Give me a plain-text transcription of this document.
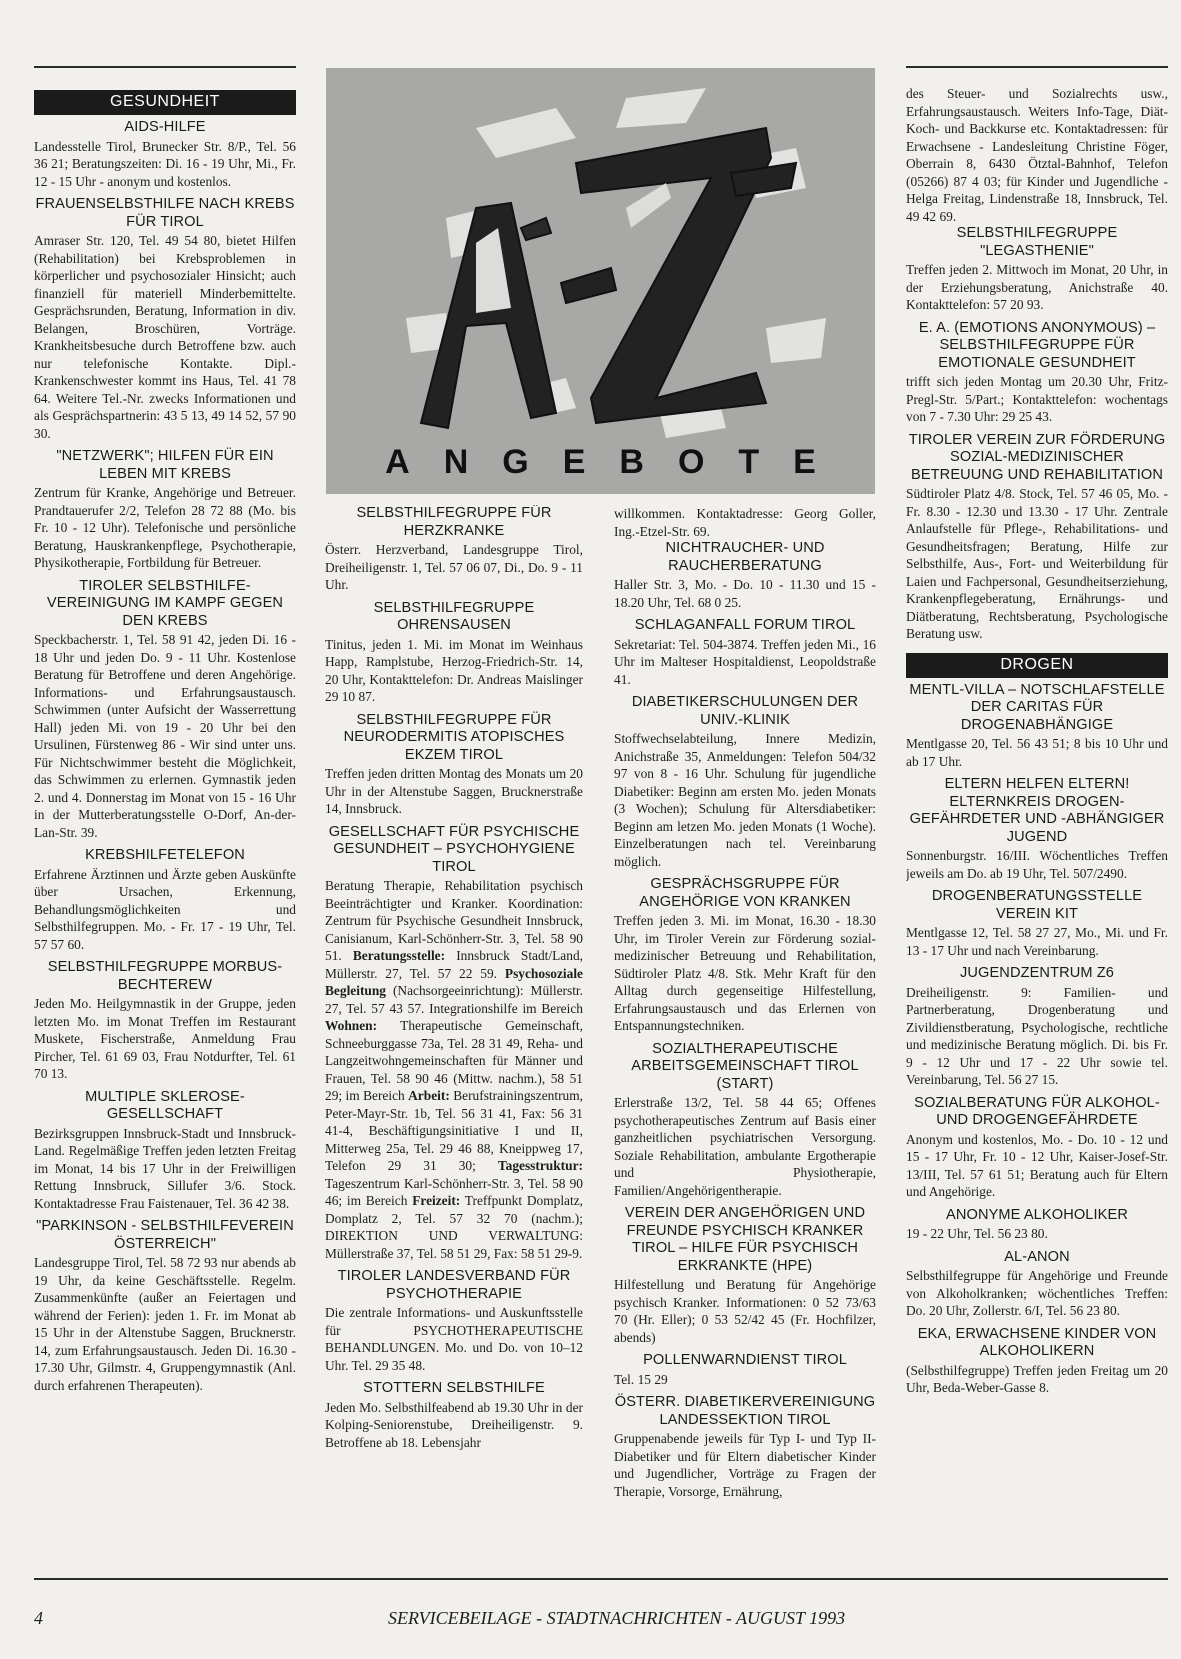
ANGEBOTE
GESUNDHEIT
AIDS-HILFE

Landesstelle Tirol, Brunecker Str. 8/P., Tel. 56 36 21; Beratungszeiten: Di. 16 - 19 Uhr, Mi., Fr. 12 - 15 Uhr - anonym und kostenlos.

FRAUENSELBSTHILFE NACH KREBS FÜR TIROL

Amraser Str. 120, Tel. 49 54 80, bietet Hilfen (Rehabilitation) bei Krebsproblemen in körperlicher und psychosozialer Hinsicht; auch finanziell für materiell Minderbemittelte. Gesprächsrunden, Beratung, Information in div. Belangen, Broschüren, Vorträge. Krankheitsbesuche durch Betroffene bzw. auch nur telefonische Kontakte. Dipl.-Krankenschwester kommt ins Haus, Tel. 41 78 64. Weitere Tel.-Nr. zwecks Informationen und als Gesprächspartnerin: 43 5 13, 49 14 52, 57 90 30.

"NETZWERK"; HILFEN FÜR EIN LEBEN MIT KREBS

Zentrum für Kranke, Angehörige und Betreuer. Prandtauerufer 2/2, Telefon 28 72 88 (Mo. bis Fr. 10 - 12 Uhr). Telefonische und persönliche Beratung, Hauskrankenpflege, Psychotherapie, Physikotherapie, Fortbildung für Betreuer.

TIROLER SELBSTHILFE-VEREINIGUNG IM KAMPF GEGEN DEN KREBS

Speckbacherstr. 1, Tel. 58 91 42, jeden Di. 16 - 18 Uhr und jeden Do. 9 - 11 Uhr. Kostenlose Beratung für Betroffene und deren Angehörige. Informations- und Erfahrungsaustausch. Schwimmen (unter Aufsicht der Wasserrettung Hall) jeden Mi. von 19 - 20 Uhr bei den Ursulinen, Fürstenweg 86 - Wir sind unter uns. Für Nichtschwimmer besteht die Möglichkeit, das Schwimmen zu erlernen. Gymnastik jeden 2. und 4. Donnerstag im Monat von 15 - 16 Uhr in der Mutterberatungsstelle O-Dorf, An-der-Lan-Str. 39.

KREBSHILFETELEFON

Erfahrene Ärztinnen und Ärzte geben Auskünfte über Ursachen, Erkennung, Behandlungsmöglichkeiten und Selbsthilfegruppen. Mo. - Fr. 17 - 19 Uhr, Tel. 57 57 60.

SELBSTHILFEGRUPPE MORBUS-BECHTEREW

Jeden Mo. Heilgymnastik in der Gruppe, jeden letzten Mo. im Monat Treffen im Restaurant Muskete, Fischerstraße, Anmeldung Frau Pircher, Tel. 61 69 03, Frau Notdurfter, Tel. 61 70 13.

MULTIPLE SKLEROSE-GESELLSCHAFT

Bezirksgruppen Innsbruck-Stadt und Innsbruck-Land. Regelmäßige Treffen jeden letzten Freitag im Monat, 14 bis 17 Uhr in der Freiwilligen Rettung Innsbruck, Sillufer 3/6. Stock. Kontaktadresse Frau Faistenauer, Tel. 36 42 38.

"PARKINSON - SELBSTHILFEVEREIN ÖSTERREICH"

Landesgruppe Tirol, Tel. 58 72 93 nur abends ab 19 Uhr, da keine Geschäftsstelle. Regelm. Zusammenkünfte (außer an Feiertagen und während der Ferien): jeden 1. Fr. im Monat ab 15 Uhr in der Altenstube Saggen, Brucknerstr. 14, zum Erfahrungsaustausch. Jeden Di. 16.30 - 17.30 Uhr, Gilmstr. 4, Gruppengymnastik (Anl. durch erfahrenen Therapeuten).

SELBSTHILFEGRUPPE FÜR HERZKRANKE

Österr. Herzverband, Landesgruppe Tirol, Dreiheiligenstr. 1, Tel. 57 06 07, Di., Do. 9 - 11 Uhr.

SELBSTHILFEGRUPPE OHRENSAUSEN

Tinitus, jeden 1. Mi. im Monat im Weinhaus Happ, Ramplstube, Herzog-Friedrich-Str. 14, 20 Uhr, Kontakttelefon: Dr. Andreas Maislinger 29 10 87.

SELBSTHILFEGRUPPE FÜR NEURODERMITIS ATOPISCHES EKZEM TIROL

Treffen jeden dritten Montag des Monats um 20 Uhr in der Altenstube Saggen, Brucknerstraße 14, Innsbruck.

GESELLSCHAFT FÜR PSYCHISCHE GESUNDHEIT – PSYCHOHYGIENE TIROL

Beratung Therapie, Rehabilitation psychisch Beeinträchtigter und Kranker. Koordination: Zentrum für Psychische Gesundheit Innsbruck, Canisianum, Karl-Schönherr-Str. 3, Tel. 58 90 51. Beratungsstelle: Innsbruck Stadt/Land, Müllerstr. 27, Tel. 57 22 59. Psychosoziale Begleitung (Nachsorgeeinrichtung): Müllerstr. 27, Tel. 57 43 57. Integrationshilfe im Bereich Wohnen: Therapeutische Gemeinschaft, Schneeburggasse 73a, Tel. 28 31 49, Reha- und Langzeitwohngemeinschaften für Männer und Frauen, Tel. 58 90 46 (Mittw. nachm.), 58 51 29; im Bereich Arbeit: Berufstrainingszentrum, Peter-Mayr-Str. 1b, Tel. 56 31 41, Fax: 56 31 41-4, Beschäftigungsinitiative I und II, Mitterweg 25a, Tel. 29 46 88, Kneippweg 17, Telefon 29 31 30; Tagesstruktur: Tageszentrum Karl-Schönherr-Str. 3, Tel. 58 90 46; im Bereich Freizeit: Treffpunkt Domplatz, Domplatz 2, Tel. 57 32 70 (nachm.); DIREKTION UND VERWALTUNG: Müllerstraße 37, Tel. 58 51 29, Fax: 58 51 29-9.

TIROLER LANDESVERBAND FÜR PSYCHOTHERAPIE

Die zentrale Informations- und Auskunftsstelle für PSYCHOTHERAPEUTISCHE BEHANDLUNGEN. Mo. und Do. von 10–12 Uhr. Tel. 29 35 48.

STOTTERN SELBSTHILFE

Jeden Mo. Selbsthilfeabend ab 19.30 Uhr in der Kolping-Seniorenstube, Dreiheiligenstr. 9. Betroffene ab 18. Lebensjahr

willkommen. Kontaktadresse: Georg Goller, Ing.-Etzel-Str. 69.

NICHTRAUCHER- UND RAUCHERBERATUNG

Haller Str. 3, Mo. - Do. 10 - 11.30 und 15 - 18.20 Uhr, Tel. 68 0 25.

SCHLAGANFALL FORUM TIROL

Sekretariat: Tel. 504-3874. Treffen jeden Mi., 16 Uhr im Malteser Hospitaldienst, Leopoldstraße 41.

DIABETIKERSCHULUNGEN DER UNIV.-KLINIK

Stoffwechselabteilung, Innere Medizin, Anichstraße 35, Anmeldungen: Telefon 504/32 97 von 8 - 16 Uhr. Schulung für jugendliche Diabetiker: Beginn am ersten Mo. jeden Monats (3 Wochen); Schulung für Altersdiabetiker: Beginn am letzen Mo. jeden Monats (1 Woche). Einzelberatungen nach tel. Vereinbarung möglich.

GESPRÄCHSGRUPPE FÜR ANGEHÖRIGE VON KRANKEN

Treffen jeden 3. Mi. im Monat, 16.30 - 18.30 Uhr, im Tiroler Verein zur Förderung sozial-medizinischer Betreuung und Rehabilitation, Südtiroler Platz 4/8. Stk. Mehr Kraft für den Alltag durch gegenseitige Hilfestellung, Erfahrungsaustausch und das Erlernen von Entspannungstechniken.

SOZIALTHERAPEUTISCHE ARBEITSGEMEINSCHAFT TIROL (START)

Erlerstraße 13/2, Tel. 58 44 65; Offenes psychotherapeutisches Zentrum auf Basis einer ganzheitlichen psychiatrischen Versorgung. Soziale Rehabilitation, ambulante Ergotherapie und Physiotherapie, Familien/Angehörigentherapie.

VEREIN DER ANGEHÖRIGEN UND FREUNDE PSYCHISCH KRANKER TIROL – HILFE FÜR PSYCHISCH ERKRANKTE (HPE)

Hilfestellung und Beratung für Angehörige psychisch Kranker. Informationen: 0 52 73/63 70 (Hr. Eller); 0 53 52/42 45 (Fr. Hochfilzer, abends)

POLLENWARNDIENST TIROL

Tel. 15 29

ÖSTERR. DIABETIKERVEREINIGUNG LANDESSEKTION TIROL

Gruppenabende jeweils für Typ I- und Typ II-Diabetiker und für Eltern diabetischer Kinder und Jugendlicher, Vorträge zu Fragen der Therapie, Vorsorge, Ernährung,

des Steuer- und Sozialrechts usw., Erfahrungsaustausch. Weiters Info-Tage, Diät-Koch- und Backkurse etc. Kontaktadressen: für Erwachsene - Landesleitung Christine Föger, Oberrain 8, 6430 Ötztal-Bahnhof, Telefon (05266) 87 4 03; für Kinder und Jugendliche - Helga Freitag, Lindenstraße 18, Innsbruck, Tel. 49 42 69.

SELBSTHILFEGRUPPE "LEGASTHENIE"

Treffen jeden 2. Mittwoch im Monat, 20 Uhr, in der Erziehungsberatung, Anichstraße 40. Kontakttelefon: 57 20 93.

E. A. (EMOTIONS ANONYMOUS) – SELBSTHILFEGRUPPE FÜR EMOTIONALE GESUNDHEIT

trifft sich jeden Montag um 20.30 Uhr, Fritz-Pregl-Str. 5/Part.; Kontakttelefon: wochentags von 7 - 7.30 Uhr: 29 25 43.

TIROLER VEREIN ZUR FÖRDERUNG SOZIAL-MEDIZINISCHER BETREUUNG UND REHABILITATION

Südtiroler Platz 4/8. Stock, Tel. 57 46 05, Mo. - Fr. 8.30 - 12.30 und 13.30 - 17 Uhr. Zentrale Anlaufstelle für Pflege-, Rehabilitations- und Gesundheitsfragen; Beratung, Hilfe zur Selbsthilfe, Aus-, Fort- und Weiterbildung für Laien und Fachpersonal, Gesundheitserziehung, Krankenpflegeberatung, Ernährungs- und Diätberatung, Rechtsberatung, Psychologische Beratung usw.

DROGEN
MENTL-VILLA – NOTSCHLAFSTELLE DER CARITAS FÜR DROGENABHÄNGIGE

Mentlgasse 20, Tel. 56 43 51; 8 bis 10 Uhr und ab 17 Uhr.

ELTERN HELFEN ELTERN! ELTERNKREIS DROGEN-GEFÄHRDETER UND -ABHÄNGIGER JUGEND

Sonnenburgstr. 16/III. Wöchentliches Treffen jeweils am Do. ab 19 Uhr, Tel. 507/2490.

DROGENBERATUNGSSTELLE VEREIN KIT

Mentlgasse 12, Tel. 58 27 27, Mo., Mi. und Fr. 13 - 17 Uhr und nach Vereinbarung.

JUGENDZENTRUM Z6

Dreiheiligenstr. 9: Familien- und Partnerberatung, Drogenberatung und Zivildienstberatung, Psychologische, rechtliche und medizinische Beratung möglich. Di. bis Fr. 9 - 12 Uhr und 17 - 22 Uhr sowie tel. Vereinbarung, Tel. 56 27 15.

SOZIALBERATUNG FÜR ALKOHOL- UND DROGENGEFÄHRDETE

Anonym und kostenlos, Mo. - Do. 10 - 12 und 15 - 17 Uhr, Fr. 10 - 12 Uhr, Kaiser-Josef-Str. 13/III, Tel. 57 61 51; Beratung auch für Eltern und Angehörige.

ANONYME ALKOHOLIKER

19 - 22 Uhr, Tel. 56 23 80.

AL-ANON

Selbsthilfegruppe für Angehörige und Freunde von Alkoholkranken; wöchentliches Treffen: Do. 20 Uhr, Zollerstr. 6/I, Tel. 56 23 80.

EKA, ERWACHSENE KINDER VON ALKOHOLIKERN

(Selbsthilfegruppe) Treffen jeden Freitag um 20 Uhr, Beda-Weber-Gasse 8.

4	SERVICEBEILAGE - STADTNACHRICHTEN - AUGUST 1993
